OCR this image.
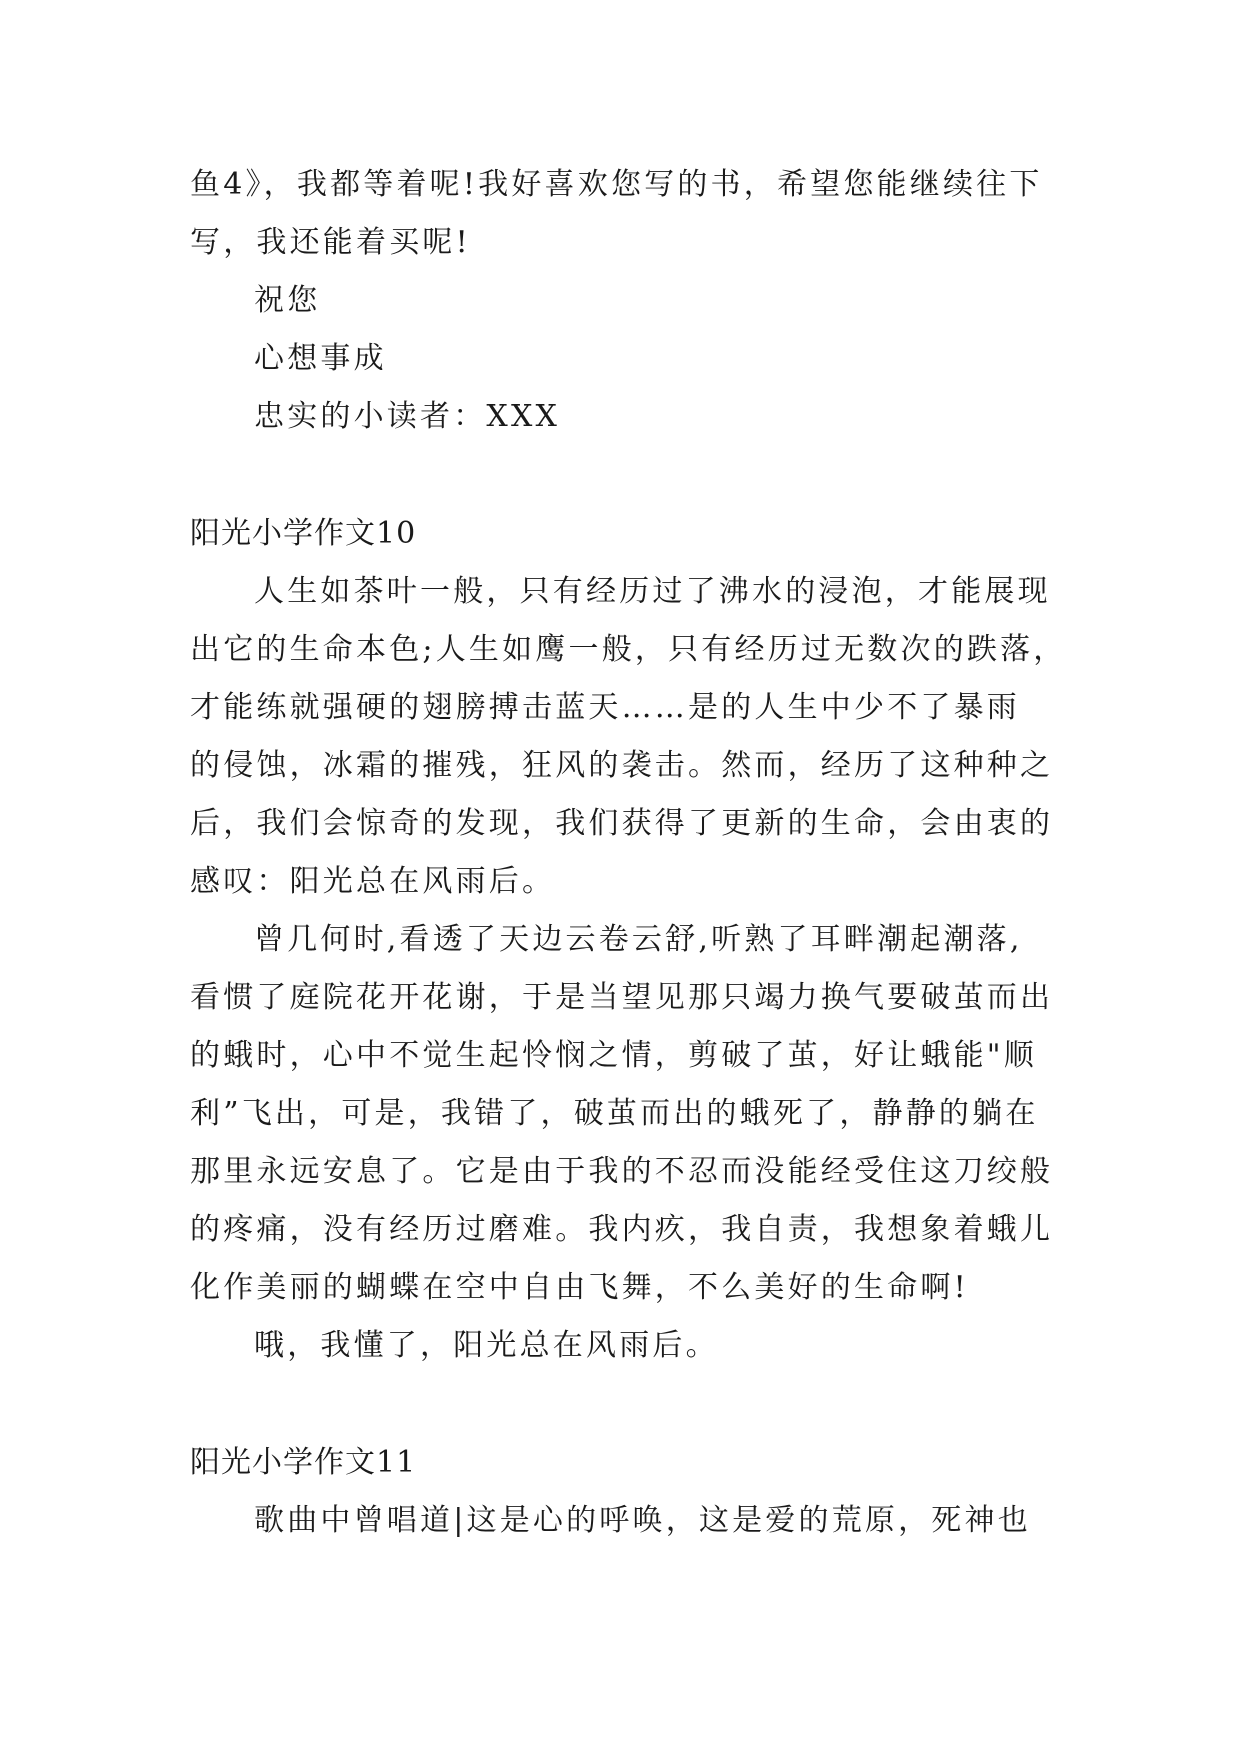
鱼4》，我都等着呢!我好喜欢您写的书，希望您能继续往下

写，我还能着买呢!

祝您

心想事成

忠实的小读者：XXX

阳光小学作文10

人生如茶叶一般，只有经历过了沸水的浸泡，才能展现

出它的生命本色;人生如鹰一般，只有经历过无数次的跌落，

才能练就强硬的翅膀搏击蓝天……是的人生中少不了暴雨

的侵蚀，冰霜的摧残，狂风的袭击。然而，经历了这种种之

后，我们会惊奇的发现，我们获得了更新的生命，会由衷的

感叹：阳光总在风雨后。

曾几何时,看透了天边云卷云舒,听熟了耳畔潮起潮落,

看惯了庭院花开花谢，于是当望见那只竭力换气要破茧而出

的蛾时，心中不觉生起怜悯之情，剪破了茧，好让蛾能"顺

利”飞出，可是，我错了，破茧而出的蛾死了，静静的躺在

那里永远安息了。它是由于我的不忍而没能经受住这刀绞般

的疼痛，没有经历过磨难。我内疚，我自责，我想象着蛾儿

化作美丽的蝴蝶在空中自由飞舞，不么美好的生命啊!

哦，我懂了，阳光总在风雨后。

阳光小学作文11

歌曲中曾唱道|这是心的呼唤，这是爱的荒原，死神也
